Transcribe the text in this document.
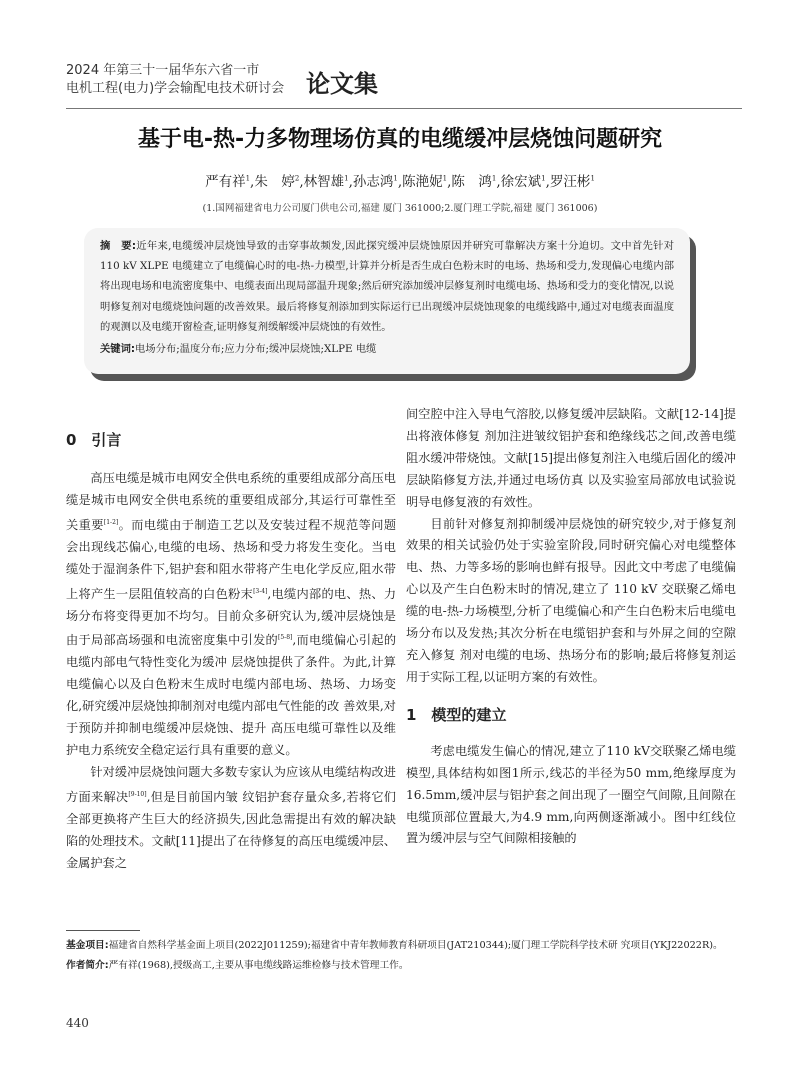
2024 年第三十一届华东六省一市
电机工程(电力)学会输配电技术研讨会 论文集
基于电-热-力多物理场仿真的电缆缓冲层烧蚀问题研究
严有祥$^1$,朱　婷$^2$,林智雄$^1$,孙志鸿$^1$,陈滟妮$^1$,陈　鸿$^1$,徐宏斌$^1$,罗汪彬$^1$
(1.国网福建省电力公司厦门供电公司,福建 厦门 361000;2.厦门理工学院,福建 厦门 361006)

摘　要:近年来,电缆缓冲层烧蚀导致的击穿事故频发,因此探究缓冲层烧蚀原因并研究可靠解决方案十分迫切。文中首先针对 110 kV XLPE 电缆建立了电缆偏心时的电-热-力模型,计算并分析是否生成白色粉末时的电场、热场和受力,发现偏心电缆内部将出现电场和电流密度集中、电缆表面出现局部温升现象;然后研究添加缓冲层修复剂时电缆电场、热场和受力的变化情况,以说明修复剂对电缆烧蚀问题的改善效果。最后将修复剂添加到实际运行已出现缓冲层烧蚀现象的电缆线路中,通过对电缆表面温度的观测以及电缆开窗检查,证明修复剂缓解缓冲层烧蚀的有效性。

关键词:电场分布;温度分布;应力分布;缓冲层烧蚀;XLPE 电缆

0　引言

高压电缆是城市电网安全供电系统的重要组成部分高压电缆是城市电网安全供电系统的重要组成部分,其运行可靠性至关重要[1-2]。而电缆由于制造工艺以及安装过程不规范等问题会出现线芯偏心,电缆的电场、热场和受力将发生变化。当电缆处于湿润条件下,铝护套和阻水带将产生电化学反应,阻水带上将产生一层阻值较高的白色粉末[3-4],电缆内部的电、热、力场分布将变得更加不均匀。目前众多研究认为,缓冲层烧蚀是由于局部高场强和电流密度集中引发的[5-8],而电缆偏心引起的电缆内部电气特性变化为缓冲 层烧蚀提供了条件。为此,计算电缆偏心以及白色粉末生成时电缆内部电场、热场、力场变化,研究缓冲层烧蚀抑制剂对电缆内部电气性能的改 善效果,对于预防并抑制电缆缓冲层烧蚀、提升 高压电缆可靠性以及维护电力系统安全稳定运行具有重要的意义。

针对缓冲层烧蚀问题大多数专家认为应该从电缆结构改进方面来解决[9-10],但是目前国内皱 纹铝护套存量众多,若将它们全部更换将产生巨大的经济损失,因此急需提出有效的解决缺陷的处理技术。文献[11]提出了在待修复的高压电缆缓冲层、金属护套之

间空腔中注入导电气溶胶,以修复缓冲层缺陷。文献[12-14]提出将液体修复 剂加注进皱纹铝护套和绝缘线芯之间,改善电缆阻水缓冲带烧蚀。文献[15]提出修复剂注入电缆后固化的缓冲层缺陷修复方法,并通过电场仿真 以及实验室局部放电试验说明导电修复液的有效性。

目前针对修复剂抑制缓冲层烧蚀的研究较少,对于修复剂效果的相关试验仍处于实验室阶段,同时研究偏心对电缆整体电、热、力等多场的影响也鲜有报导。因此文中考虑了电缆偏心以及产生白色粉末时的情况,建立了 110 kV 交联聚乙烯电缆的电-热-力场模型,分析了电缆偏心和产生白色粉末后电缆电场分布以及发热;其次分析在电缆铝护套和与外屏之间的空隙充入修复 剂对电缆的电场、热场分布的影响;最后将修复剂运用于实际工程,以证明方案的有效性。

1　模型的建立

考虑电缆发生偏心的情况,建立了110 kV交联聚乙烯电缆模型,具体结构如图1所示,线芯的半径为50 mm,绝缘厚度为16.5mm,缓冲层与铝护套之间出现了一圈空气间隙,且间隙在电缆顶部位置最大,为4.9 mm,向两侧逐渐减小。图中红线位置为缓冲层与空气间隙相接触的

基金项目:福建省自然科学基金面上项目(2022J011259);福建省中青年教师教育科研项目(JAT210344);厦门理工学院科学技术研 究项目(YKJ22022R)。

作者简介:严有祥(1968),授级高工,主要从事电缆线路运维检修与技术管理工作。

440
